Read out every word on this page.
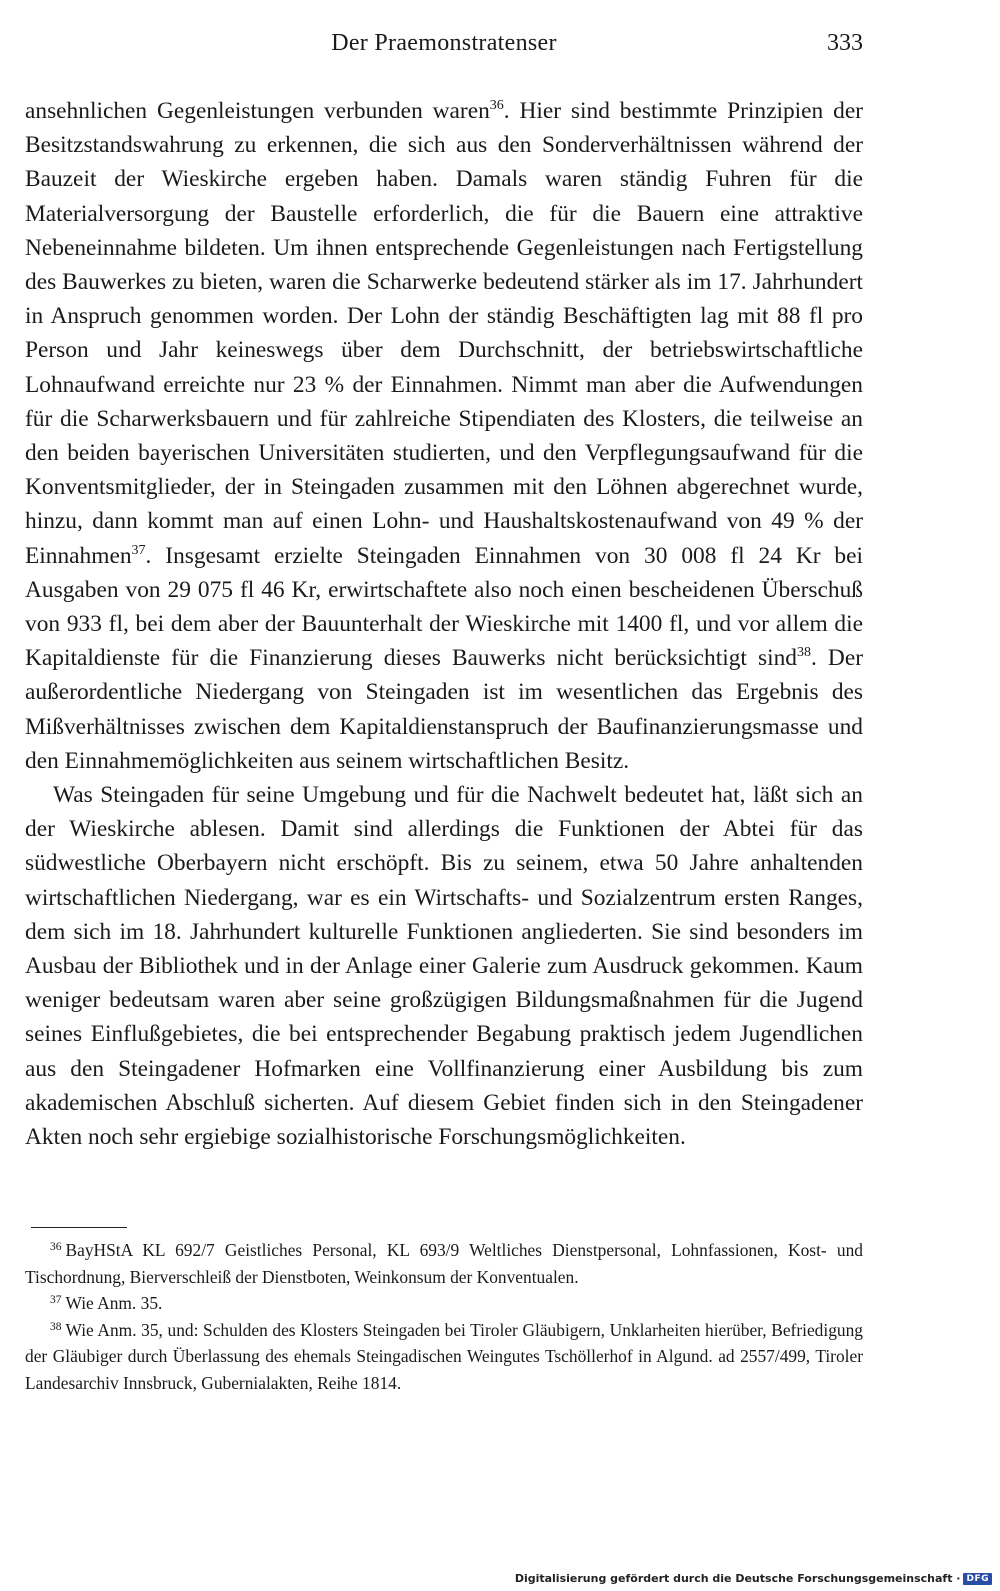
Der Praemonstratenser	333

ansehnlichen Gegenleistungen verbunden waren$^{36}$. Hier sind bestimmte Prinzipien der Besitzstandswahrung zu erkennen, die sich aus den Sonderverhältnissen während der Bauzeit der Wieskirche ergeben haben. Damals waren ständig Fuhren für die Materialversorgung der Baustelle erforderlich, die für die Bauern eine attraktive Nebeneinnahme bildeten. Um ihnen entsprechende Gegenleistungen nach Fertigstellung des Bauwerkes zu bieten, waren die Scharwerke bedeutend stärker als im 17. Jahrhundert in Anspruch genommen worden. Der Lohn der ständig Beschäftigten lag mit 88 fl pro Person und Jahr keineswegs über dem Durchschnitt, der betriebswirtschaftliche Lohnaufwand erreichte nur 23 % der Einnahmen. Nimmt man aber die Aufwendungen für die Scharwerksbauern und für zahlreiche Stipendiaten des Klosters, die teilweise an den beiden bayerischen Universitäten studierten, und den Verpflegungsaufwand für die Konventsmitglieder, der in Steingaden zusammen mit den Löhnen abgerechnet wurde, hinzu, dann kommt man auf einen Lohn- und Haushaltskostenaufwand von 49 % der Einnahmen$^{37}$. Insgesamt erzielte Steingaden Einnahmen von 30 008 fl 24 Kr bei Ausgaben von 29 075 fl 46 Kr, erwirtschaftete also noch einen bescheidenen Überschuß von 933 fl, bei dem aber der Bauunterhalt der Wieskirche mit 1400 fl, und vor allem die Kapitaldienste für die Finanzierung dieses Bauwerks nicht berücksichtigt sind$^{38}$. Der außerordentliche Niedergang von Steingaden ist im wesentlichen das Ergebnis des Mißverhältnisses zwischen dem Kapitaldienstanspruch der Baufinanzierungsmasse und den Einnahmemöglichkeiten aus seinem wirtschaftlichen Besitz.

Was Steingaden für seine Umgebung und für die Nachwelt bedeutet hat, läßt sich an der Wieskirche ablesen. Damit sind allerdings die Funktionen der Abtei für das südwestliche Oberbayern nicht erschöpft. Bis zu seinem, etwa 50 Jahre anhaltenden wirtschaftlichen Niedergang, war es ein Wirtschafts- und Sozialzentrum ersten Ranges, dem sich im 18. Jahrhundert kulturelle Funktionen angliederten. Sie sind besonders im Ausbau der Bibliothek und in der Anlage einer Galerie zum Ausdruck gekommen. Kaum weniger bedeutsam waren aber seine großzügigen Bildungsmaßnahmen für die Jugend seines Einflußgebietes, die bei entsprechender Begabung praktisch jedem Jugendlichen aus den Steingadener Hofmarken eine Vollfinanzierung einer Ausbildung bis zum akademischen Abschluß sicherten. Auf diesem Gebiet finden sich in den Steingadener Akten noch sehr ergiebige sozialhistorische Forschungsmöglichkeiten.

$^{36}$ BayHStA KL 692/7 Geistliches Personal, KL 693/9 Weltliches Dienstpersonal, Lohnfassionen, Kost- und Tischordnung, Bierverschleiß der Dienstboten, Weinkonsum der Konventualen.

$^{37}$ Wie Anm. 35.

$^{38}$ Wie Anm. 35, und: Schulden des Klosters Steingaden bei Tiroler Gläubigern, Unklarheiten hierüber, Befriedigung der Gläubiger durch Überlassung des ehemals Steingadischen Weingutes Tschöllerhof in Algund. ad 2557/499, Tiroler Landesarchiv Innsbruck, Gubernialakten, Reihe 1814.

Digitalisierung gefördert durch die Deutsche Forschungsgemeinschaft · DFG
